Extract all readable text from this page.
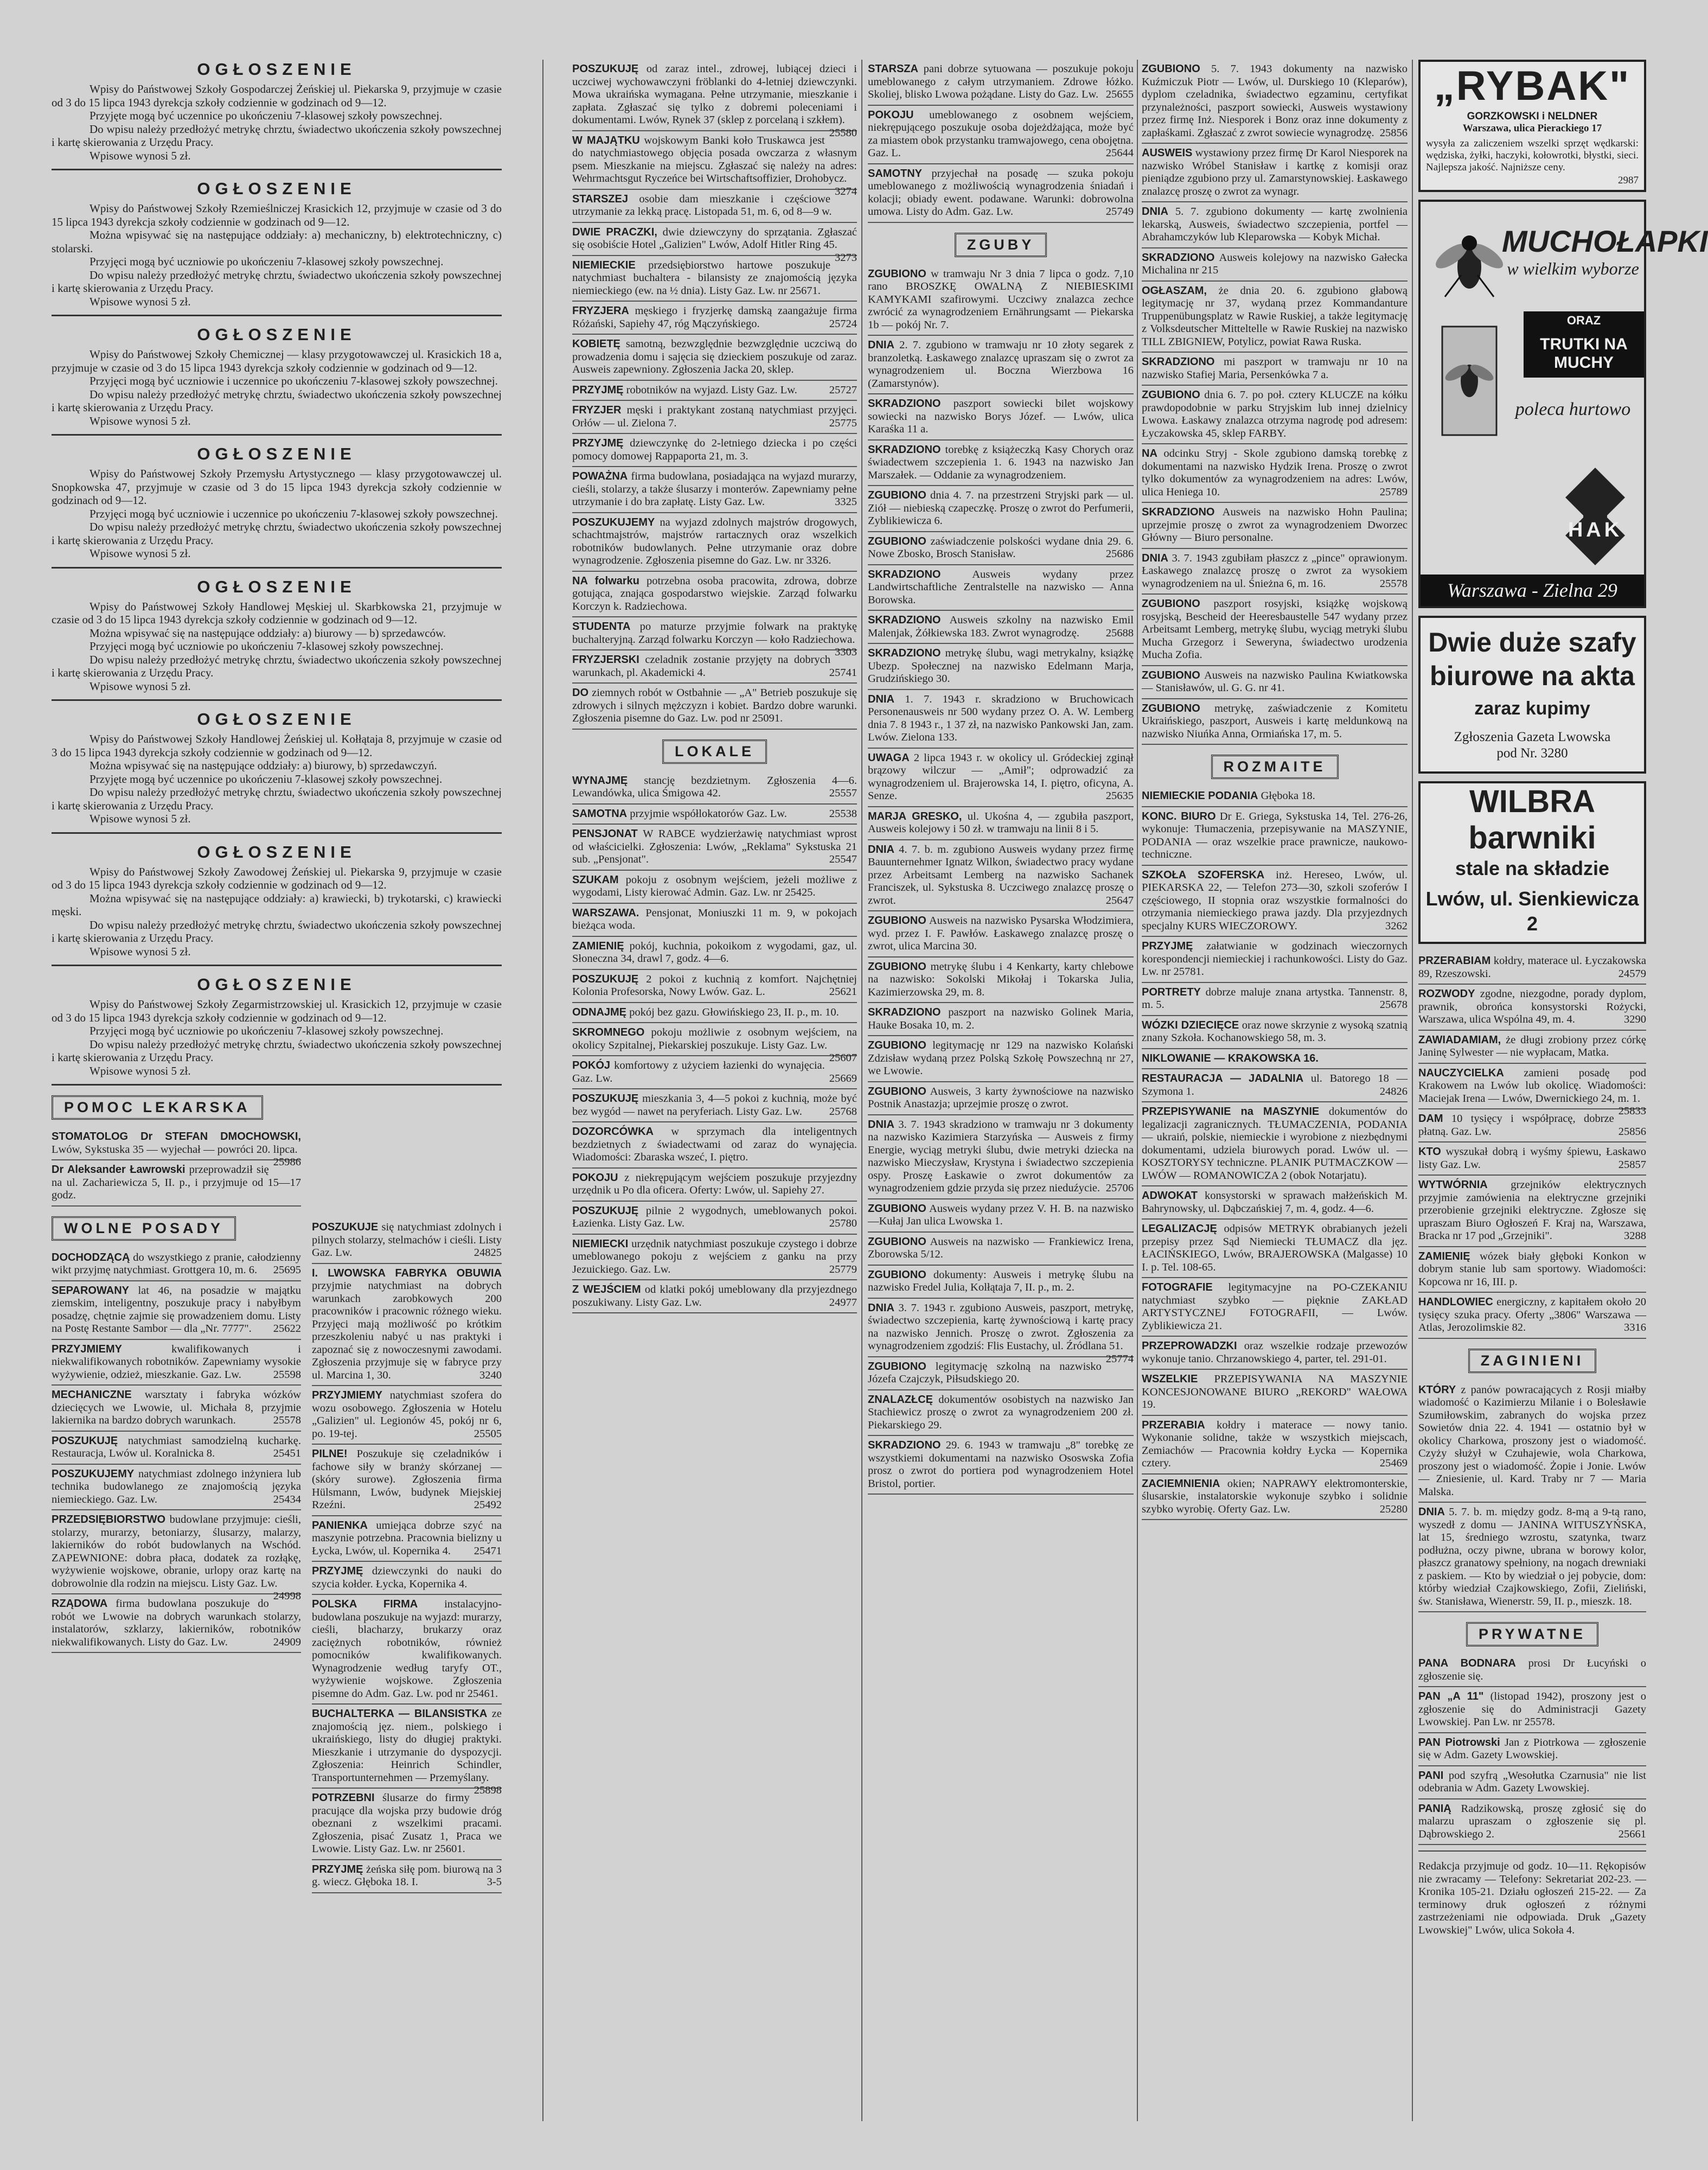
OGŁOSZENIE

Wpisy do Państwowej Szkoły Gospodarczej Żeńskiej ul. Piekarska 9, przyjmuje w czasie od 3 do 15 lipca 1943 dyrekcja szkoły codziennie w godzinach od 9—12.

Przyjęte mogą być uczennice po ukończeniu 7-klasowej szkoły powszechnej.

Do wpisu należy przedłożyć metrykę chrztu, świadectwo ukończenia szkoły powszechnej i kartę skierowania z Urzędu Pracy.

Wpisowe wynosi 5 zł.

OGŁOSZENIE

Wpisy do Państwowej Szkoły Rzemieślniczej Krasickich 12, przyjmuje w czasie od 3 do 15 lipca 1943 dyrekcja szkoły codziennie w godzinach od 9—12.

Można wpisywać się na następujące oddziały: a) mechaniczny, b) elektrotechniczny, c) stolarski.

Przyjęci mogą być uczniowie po ukończeniu 7-klasowej szkoły powszechnej.

Do wpisu należy przedłożyć metrykę chrztu, świadectwo ukończenia szkoły powszechnej i kartę skierowania z Urzędu Pracy.

Wpisowe wynosi 5 zł.

OGŁOSZENIE

Wpisy do Państwowej Szkoły Chemicznej — klasy przygotowawczej ul. Krasickich 18 a, przyjmuje w czasie od 3 do 15 lipca 1943 dyrekcja szkoły codziennie w godzinach od 9—12.

Przyjęci mogą być uczniowie i uczennice po ukończeniu 7-klasowej szkoły powszechnej.

Do wpisu należy przedłożyć metrykę chrztu, świadectwo ukończenia szkoły powszechnej i kartę skierowania z Urzędu Pracy.

Wpisowe wynosi 5 zł.

OGŁOSZENIE

Wpisy do Państwowej Szkoły Przemysłu Artystycznego — klasy przygotowawczej ul. Snopkowska 47, przyjmuje w czasie od 3 do 15 lipca 1943 dyrekcja szkoły codziennie w godzinach od 9—12.

Przyjęci mogą być uczniowie i uczennice po ukończeniu 7-klasowej szkoły powszechnej.

Do wpisu należy przedłożyć metrykę chrztu, świadectwo ukończenia szkoły powszechnej i kartę skierowania z Urzędu Pracy.

Wpisowe wynosi 5 zł.

OGŁOSZENIE

Wpisy do Państwowej Szkoły Handlowej Męskiej ul. Skarbkowska 21, przyjmuje w czasie od 3 do 15 lipca 1943 dyrekcja szkoły codziennie w godzinach od 9—12.

Można wpisywać się na następujące oddziały: a) biurowy — b) sprzedawców.

Przyjęci mogą być uczniowie po ukończeniu 7-klasowej szkoły powszechnej.

Do wpisu należy przedłożyć metrykę chrztu, świadectwo ukończenia szkoły powszechnej i kartę skierowania z Urzędu Pracy.

Wpisowe wynosi 5 zł.

OGŁOSZENIE

Wpisy do Państwowej Szkoły Handlowej Żeńskiej ul. Kołłątaja 8, przyjmuje w czasie od 3 do 15 lipca 1943 dyrekcja szkoły codziennie w godzinach od 9—12.

Można wpisywać się na następujące oddziały: a) biurowy, b) sprzedawczyń.

Przyjęte mogą być uczennice po ukończeniu 7-klasowej szkoły powszechnej.

Do wpisu należy przedłożyć metrykę chrztu, świadectwo ukończenia szkoły powszechnej i kartę skierowania z Urzędu Pracy.

Wpisowe wynosi 5 zł.

OGŁOSZENIE

Wpisy do Państwowej Szkoły Zawodowej Żeńskiej ul. Piekarska 9, przyjmuje w czasie od 3 do 15 lipca 1943 dyrekcja szkoły codziennie w godzinach od 9—12.

Można wpisywać się na następujące oddziały: a) krawiecki, b) trykotarski, c) krawiecki męski.

Do wpisu należy przedłożyć metrykę chrztu, świadectwo ukończenia szkoły powszechnej i kartę skierowania z Urzędu Pracy.

Wpisowe wynosi 5 zł.

OGŁOSZENIE

Wpisy do Państwowej Szkoły Zegarmistrzowskiej ul. Krasickich 12, przyjmuje w czasie od 3 do 15 lipca 1943 dyrekcja szkoły codziennie w godzinach od 9—12.

Przyjęci mogą być uczniowie po ukończeniu 7-klasowej szkoły powszechnej.

Do wpisu należy przedłożyć metrykę chrztu, świadectwo ukończenia szkoły powszechnej i kartę skierowania z Urzędu Pracy.

Wpisowe wynosi 5 zł.

POMOC LEKARSKA

STOMATOLOG Dr STEFAN DMOCHOWSKI, Lwów, Sykstuska 35 — wyjechał — powróci 20. lipca.
25986

Dr Aleksander Ławrowski przeprowadził się na ul. Zachariewicza 5, II. p., i przyjmuje od 15—17 godz.

WOLNE POSADY

DOCHODZĄCĄ do wszystkiego z pranie, całodzienny wikt przyjmę natychmiast. Grottgera 10, m. 6.	25695

SEPAROWANY lat 46, na posadzie w majątku ziemskim, inteligentny, poszukuje pracy i nabyłbym posadzę, chętnie zajmie się prowadzeniem domu. Listy na Postę Restante Sambor — dla „Nr. 7777".	25622

PRZYJMIEMY	kwalifikowanych i niekwalifikowanych robotników. Zapewniamy wysokie wyżywienie, odzież, mieszkanie. Gaz. Lw.	25598

MECHANICZNE warsztaty i fabryka wózków dziecięcych we Lwowie, ul. Michała 8, przyjmie lakiernika na bardzo dobrych warunkach.	25578

POSZUKUJĘ natychmiast samodzielną kucharkę. Restauracja, Lwów ul. Koralnicka 8.	25451

POSZUKUJEMY natychmiast zdolnego inżyniera lub technika budowlanego ze znajomością języka niemieckiego. Gaz. Lw.	25434

PRZEDSIĘBIORSTWO budowlane przyjmuje: cieśli, stolarzy, murarzy, betoniarzy, ślusarzy, malarzy, lakierników do robót budowlanych na Wschód. ZAPEWNIONE: dobra płaca, dodatek za rozłąkę, wyżywienie wojskowe, obranie, urlopy oraz kartę na dobrowolnie dla rodzin na miejscu. Listy Gaz. Lw.
24998

RZĄDOWA firma budowlana poszukuje do robót we Lwowie na dobrych warunkach stolarzy, instalatorów, szklarzy, lakierników, robotników niekwalifikowanych. Listy do Gaz. Lw.	24909

POSZUKUJE się natychmiast zdolnych i pilnych stolarzy, stelmachów i cieśli. Listy Gaz. Lw.	24825

I. LWOWSKA FABRYKA OBUWIA przyjmie natychmiast na dobrych warunkach zarobkowych 200 pracowników i pracownic różnego wieku. Przyjęci mają możliwość po krótkim przeszkoleniu nabyć u nas praktyki i zapoznać się z nowoczesnymi zawodami. Zgłoszenia przyjmuje się w fabryce przy ul. Marcina 1, 30.	3240

PRZYJMIEMY natychmiast szofera do wozu osobowego. Zgłoszenia w Hotelu „Galizien" ul. Legionów 45, pokój nr 6, po. 19-tej.	25505

PILNE! Poszukuje się czeladników i fachowe siły w branży skórzanej — (skóry surowe). Zgłoszenia firma Hülsmann, Lwów, budynek Miejskiej Rzeźni.	25492

PANIENKA umiejąca dobrze szyć na maszynie potrzebna. Pracownia bielizny u Łycka, Lwów, ul. Kopernika 4.	25471

PRZYJMĘ dziewczynki do nauki do szycia kołder. Łycka, Kopernika 4.

POLSKA FIRMA instalacyjno-budowlana poszukuje na wyjazd: murarzy, cieśli, blacharzy, brukarzy oraz zaciężnych robotników, również pomocników kwalifikowanych. Wynagrodzenie według taryfy OT., wyżywienie wojskowe. Zgłoszenia pisemne do Adm. Gaz. Lw. pod nr 25461.

BUCHALTERKA — BILANSISTKA ze znajomością jęz. niem., polskiego i ukraińskiego, listy do długiej praktyki. Mieszkanie i utrzymanie do dyspozycji. Zgłoszenia: Heinrich Schindler, Transportunternehmen — Przemyślany.
25898

POTRZEBNI ślusarze do firmy pracujące dla wojska przy budowie dróg obeznani z wszelkimi pracami. Zgłoszenia, pisać Zusatz 1, Praca we Lwowie. Listy Gaz. Lw. nr 25601.

PRZYJMĘ żeńska siłę pom. biurową na 3 g. wiecz. Głęboka 18. I.	3-5

POSZUKUJĘ od zaraz intel., zdrowej, lubiącej dzieci i uczciwej wychowawczyni fröblanki do 4-letniej dziewczynki. Mowa ukraińska wymagana. Pełne utrzymanie, mieszkanie i zapłata. Zgłaszać się tylko z dobremi poleceniami i dokumentami. Lwów, Rynek 37 (sklep z porcelaną i szkłem).
25580

W MAJĄTKU wojskowym Banki koło Truskawca jest do natychmiastowego objęcia posada owczarza z własnym psem. Mieszkanie na miejscu. Zgłaszać się należy na adres: Wehrmachtsgut Ryczeńce bei Wirtschaftsoffizier, Drohobycz.
3274

STARSZEJ osobie dam mieszkanie i częściowe utrzymanie za lekką pracę. Listopada 51, m. 6, od 8—9 w.

DWIE PRACZKI, dwie dziewczyny do sprzątania. Zgłaszać się osobiście Hotel „Galizien" Lwów, Adolf Hitler Ring 45.
3273

NIEMIECKIE przedsiębiorstwo hartowe poszukuje natychmiast buchaltera - bilansisty ze znajomością języka niemieckiego (ew. na ½ dnia). Listy Gaz. Lw. nr 25671.

FRYZJERA męskiego i fryzjerkę damską zaangażuje firma Różański, Sapiehy 47, róg Mączyńskiego.	25724

KOBIETĘ samotną, bezwzględnie bezwzględnie uczciwą do prowadzenia domu i sajęcia się dzieckiem poszukuje od zaraz. Ausweis zapewniony. Zgłoszenia Jacka 20, sklep.

PRZYJMĘ robotników na wyjazd. Listy Gaz. Lw.	25727

FRYZJER męski i praktykant zostaną natychmiast przyjęci. Orłów — ul. Zielona 7.	25775

PRZYJMĘ dziewczynkę do 2-letniego dziecka i po części pomocy domowej Rappaporta 21, m. 3.

POWAŻNA firma budowlana, posiadająca na wyjazd murarzy, cieśli, stolarzy, a także ślusarzy i monterów. Zapewniamy pełne utrzymanie i do bra zapłatę. Listy Gaz. Lw.	3325

POSZUKUJEMY na wyjazd zdolnych majstrów drogowych, schachtmajstrów, majstrów rartacznych oraz wszelkich robotników budowlanych. Pełne utrzymanie oraz dobre wynagrodzenie. Zgłoszenia pisemne do Gaz. Lw. nr 3326.

NA folwarku potrzebna osoba pracowita, zdrowa, dobrze gotująca, znająca gospodarstwo wiejskie. Zarząd folwarku Korczyn k. Radziechowa.

STUDENTA po maturze przyjmie folwark na praktykę buchalteryjną. Zarząd folwarku Korczyn — koło Radziechowa.
3303

FRYZJERSKI czeladnik zostanie przyjęty na dobrych warunkach, pl. Akademicki 4.	25741

DO ziemnych robót w Ostbahnie — „A" Betrieb poszukuje się zdrowych i silnych mężczyzn i kobiet. Bardzo dobre warunki. Zgłoszenia pisemne do Gaz. Lw. pod nr 25091.

LOKALE

WYNAJMĘ stancję bezdzietnym. Zgłoszenia 4—6. Lewandówka, ulica Śmigowa 42.	25557

SAMOTNA przyjmie współlokatorów Gaz. Lw.	25538

PENSJONAT W RABCE wydzierżawię natychmiast wprost od właścicielki. Zgłoszenia: Lwów, „Reklama" Sykstuska 21 sub. „Pensjonat".	25547

SZUKAM pokoju z osobnym wejściem, jeżeli możliwe z wygodami, Listy kierować Admin. Gaz. Lw. nr 25425.

WARSZAWA. Pensjonat, Moniuszki 11 m. 9, w pokojach bieżąca woda.

ZAMIENIĘ pokój, kuchnia, pokoikom z wygodami, gaz, ul. Słoneczna 34, drawl 7, godz. 4—6.

POSZUKUJĘ 2 pokoi z kuchnią z komfort. Najchętniej Kolonia Profesorska, Nowy Lwów. Gaz. L.	25621

ODNAJMĘ pokój bez gazu. Głowińskiego 23, II. p., m. 10.

SKROMNEGO pokoju możliwie z osobnym wejściem, na okolicy Szpitalnej, Piekarskiej poszukuje. Listy Gaz. Lw.
25607

POKÓJ komfortowy z użyciem łazienki do wynajęcia. Gaz. Lw.	25669

POSZUKUJĘ mieszkania 3, 4—5 pokoi z kuchnią, może być bez wygód — nawet na peryferiach. Listy Gaz. Lw.	25768

DOZORCÓWKA w sprzymach dla inteligentnych bezdzietnych z świadectwami od zaraz do wynajęcia. Wiadomości: Zbaraska wszeć, I. piętro.

POKOJU z niekrępującym wejściem poszukuje przyjezdny urzędnik u Po dla oficera. Oferty: Lwów, ul. Sapiehy 27.

POSZUKUJĘ pilnie 2 wygodnych, umeblowanych pokoi. Łazienka. Listy Gaz. Lw.	25780

NIEMIECKI urzędnik natychmiast poszukuje czystego i dobrze umeblowanego pokoju z wejściem z ganku na przy Jezuickiego. Gaz. Lw.	25779

Z WEJŚCIEM od klatki pokój umeblowany dla przyjezdnego poszukiwany. Listy Gaz. Lw.	24977

STARSZA pani dobrze sytuowana — poszukuje pokoju umeblowanego z całym utrzymaniem. Zdrowe łóżko. Skoliej, blisko Lwowa pożądane. Listy do Gaz. Lw. 25655

POKOJU umeblowanego z osobnem wejściem, niekrępującego poszukuje osoba dojeżdżająca, może być za miastem obok przystanku tramwajowego, cena obojętna. Gaz. L.	25644

SAMOTNY przyjechał na posadę — szuka pokoju umeblowanego z możliwością wynagrodzenia śniadań i kolacji; obiady ewent. podawane. Warunki: dobrowolna umowa. Listy do Adm. Gaz. Lw.	25749

ZGUBY

ZGUBIONO w tramwaju Nr 3 dnia 7 lipca o godz. 7,10 rano BROSZKĘ OWALNĄ Z NIEBIESKIMI KAMYKAMI szafirowymi. Uczciwy znalazca zechce zwrócić za wynagrodzeniem Ernährungsamt — Piekarska 1b — pokój Nr. 7.

DNIA 2. 7. zgubiono w tramwaju nr 10 złoty segarek z branzoletką. Łaskawego znalazcę upraszam się o zwrot za wynagrodzeniem ul. Boczna Wierzbowa 16 (Zamarstynów).

SKRADZIONO paszport sowiecki bilet wojskowy sowiecki na nazwisko Borys Józef. — Lwów, ulica Karaśka 11 a.

SKRADZIONO torebkę z książeczką Kasy Chorych oraz świadectwem szczepienia 1. 6. 1943 na nazwisko Jan Marszałek. — Oddanie za wynagrodzeniem.

ZGUBIONO dnia 4. 7. na przestrzeni Stryjski park — ul. Ziół — niebieską czapeczkę. Proszę o zwrot do Perfumerii, Zyblikiewicza 6.

ZGUBIONO zaświadczenie polskości wydane dnia 29. 6. Nowe Zbosko, Brosch Stanisław.	25686

SKRADZIONO	Ausweis wydany przez Landwirtschaftliche Zentralstelle na nazwisko — Anna Borowska.

SKRADZIONO Ausweis szkolny na nazwisko Emil Malenjak, Żółkiewska 183. Zwrot wynagrodzę.	25688

SKRADZIONO metrykę ślubu, wagi metrykalny, książkę Ubezp. Społecznej na nazwisko Edelmann Marja, Grudzińskiego 30.

DNIA 1. 7. 1943 r. skradziono w Bruchowicach Personenausweis nr 500 wydany przez O. A. W. Lemberg dnia 7. 8 1943 r., 1 37 zł, na nazwisko Pankowski Jan, zam. Lwów. Zielona 133.

UWAGA 2 lipca 1943 r. w okolicy ul. Gródeckiej zginął brązowy wilczur — „Amił"; odprowadzić za wynagrodzeniem ul. Brajerowska 14, I. piętro, oficyna, A. Senze.	25635

MARJA GRESKO, ul. Ukośna 4, — zgubiła paszport, Ausweis kolejowy i 50 zł. w tramwaju na linii 8 i 5.

DNIA 4. 7. b. m. zgubiono Ausweis wydany przez firmę Bauunternehmer Ignatz Wilkon, świadectwo pracy wydane przez Arbeitsamt Lemberg na nazwisko Sachanek Franciszek, ul. Sykstuska 8. Uczciwego znalazcę proszę o zwrot.	25647

ZGUBIONO Ausweis na nazwisko Pysarska Włodzimiera, wyd. przez I. F. Pawłów. Łaskawego znalazcę proszę o zwrot, ulica Marcina 30.

ZGUBIONO metrykę ślubu i 4 Kenkarty, karty chlebowe na nazwisko: Sokolski Mikołaj i Tokarska Julia, Kazimierzowska 29, m. 8.

SKRADZIONO paszport na nazwisko Golinek Maria, Hauke Bosaka 10, m. 2.

ZGUBIONO legitymację nr 129 na nazwisko Kolański Zdzisław wydaną przez Polską Szkołę Powszechną nr 27, we Lwowie.

ZGUBIONO Ausweis, 3 karty żywnościowe na nazwisko Postnik Anastazja; uprzejmie proszę o zwrot.

DNIA 3. 7. 1943 skradziono w tramwaju nr 3 dokumenty na nazwisko Kazimiera Starzyńska — Ausweis z firmy Energie, wyciąg metryki ślubu, dwie metryki dziecka na nazwisko Mieczysław, Krystyna i świadectwo szczepienia ospy. Proszę Łaskawie o zwrot dokumentów za wynagrodzeniem gdzie przyda się przez nieduźycie. 25706

ZGUBIONO Ausweis wydany przez V. H. B. na nazwisko —Kułaj Jan ulica Lwowska 1.

ZGUBIONO Ausweis na nazwisko — Frankiewicz Irena, Zborowska 5/12.

ZGUBIONO dokumenty: Ausweis i metrykę ślubu na nazwisko Fredel Julia, Kolłątaja 7, II. p., m. 2.

DNIA 3. 7. 1943 r. zgubiono Ausweis, paszport, metrykę, świadectwo szczepienia, kartę żywnościową i kartę pracy na nazwisko Jennich. Proszę o zwrot. Zgłoszenia za wynagrodzeniem zgodziś: Flis Eustachy, ul. Źródlana 51.
25774

ZGUBIONO legitymację szkolną na nazwisko Józefa Czajczyk, Piłsudskiego 20.

ZNALAZŁCĘ dokumentów osobistych na nazwisko Jan Stachiewicz proszę o zwrot za wynagrodzeniem 200 zł. Piekarskiego 29.

SKRADZIONO 29. 6. 1943 w tramwaju „8" torebkę ze wszystkiemi dokumentami na nazwisko Ososwska Zofia prosz o zwrot do portiera pod wynagrodzeniem Hotel Bristol, portier.

ZGUBIONO 5. 7. 1943 dokumenty na nazwisko Kuźmiczuk Piotr — Lwów, ul. Durskiego 10 (Kleparów), dyplom czeladnika, świadectwo egzaminu, certyfikat przynależności, paszport sowiecki, Ausweis wystawiony przez firmę Inż. Niesporek i Bonz oraz inne dokumenty z zapłaśkami. Zgłaszać z zwrot sowiecie wynagrodzę. 25856

AUSWEIS wystawiony przez firmę Dr Karol Niesporek na nazwisko Wróbel Stanisław i kartkę z komisji oraz pieniądze zgubiono przy ul. Zamarstynowskiej. Łaskawego znalazcę proszę o zwrot za wynagr.

DNIA 5. 7. zgubiono dokumenty — kartę zwolnienia lekarską, Ausweis, świadectwo szczepienia, portfel — Abrahamczyków lub Kleparowska — Kobyk Michał.

SKRADZIONO Ausweis kolejowy na nazwisko Gałecka Michalina nr 215

OGŁASZAM, że dnia 20. 6. zgubiono głabową legitymację nr 37, wydaną przez Kommandanture Truppenübungsplatz w Rawie Ruskiej, a także legitymację z Volksdeutscher Mitteltelle w Rawie Ruskiej na nazwisko TILL ZBIGNIEW, Potylicz, powiat Rawa Ruska.

SKRADZIONO mi paszport w tramwaju nr 10 na nazwisko Stafiej Maria, Persenkówka 7 a.

ZGUBIONO dnia 6. 7. po poł. cztery KLUCZE na kółku prawdopodobnie w parku Stryjskim lub innej dzielnicy Lwowa. Łaskawy znalazca otrzyma nagrodę pod adresem: Łyczakowska 45, sklep FARBY.

NA odcinku Stryj - Skole zgubiono damską torebkę z dokumentami na nazwisko Hydzik Irena. Proszę o zwrot tylko dokumentów za wynagrodzeniem na adres: Lwów, ulica Heniega 10.	25789

SKRADZIONO Ausweis na nazwisko Hohn Paulina; uprzejmie proszę o zwrot za wynagrodzeniem Dworzec Główny — Biuro personalne.

DNIA 3. 7. 1943 zgubiłam płaszcz z „pince" oprawionym. Łaskawego znalazcę proszę o zwrot za wysokiem wynagrodzeniem na ul. Śnieżna 6, m. 16.	25578

ZGUBIONO paszport rosyjski, książkę wojskową rosyjską, Bescheid der Heeresbaustelle 547 wydany przez Arbeitsamt Lemberg, metrykę ślubu, wyciąg metryki ślubu Mucha Grzegorz i Seweryna, świadectwo urodzenia Mucha Zofia.

ZGUBIONO Ausweis na nazwisko Paulina Kwiatkowska — Stanisławów, ul. G. G. nr 41.

ZGUBIONO metrykę, zaświadczenie z Komitetu Ukraińskiego, paszport, Ausweis i kartę meldunkową na nazwisko Niuńka Anna, Ormiańska 17, m. 5.

ROZMAITE

NIEMIECKIE PODANIA Głęboka 18.

KONC. BIURO Dr E. Griega, Sykstuska 14, Tel. 276-26, wykonuje: Tłumaczenia, przepisywanie na MASZYNIE, PODANIA — oraz wszelkie prace prawnicze, naukowo-techniczne.

SZKOŁA SZOFERSKA inż. Hereseo, Lwów, ul. PIEKARSKA 22, — Telefon 273—30, szkoli szoferów I częściowego, II stopnia oraz wszystkie formalności do otrzymania niemieckiego prawa jazdy. Dla przyjezdnych specjalny KURS WIECZOROWY.	3262

PRZYJMĘ załatwianie w godzinach wieczornych korespondencji niemieckiej i rachunkowości. Listy do Gaz. Lw. nr 25781.

PORTRETY dobrze maluje znana artystka. Tannenstr. 8, m. 5.	25678

WÓZKI DZIECIĘCE oraz nowe skrzynie z wysoką szatnią znany Szkoła. Kochanowskiego 58, m. 3.

NIKLOWANIE — KRAKOWSKA 16.

RESTAURACJA — JADALNIA ul. Batorego 18 — Szymona 1.	24826

PRZEPISYWANIE na MASZYNIE dokumentów do legalizacji zagranicznych. TŁUMACZENIA, PODANIA — ukraiń, polskie, niemieckie i wyrobione z niezbędnymi dokumentami, udziela biurowych porad. Lwów ul. — KOSZTORYSY techniczne. PLANIK PUTMACZKOW — LWÓW — ROMANOWICZA 2 (obok Notarjatu).

ADWOKAT konsystorski w sprawach małżeńskich M. Bahrynowsky, ul. Dąbczańskiej 7, m. 4, godz. 4—6.

LEGALIZACJĘ odpisów METRYK obrabianych jeżeli przepisy przez Sąd Niemiecki TŁUMACZ dla jęz. ŁACIŃSKIEGO, Lwów, BRAJEROWSKA (Malgasse) 10 I. p. Tel. 108-65.

FOTOGRAFIE legitymacyjne na PO-CZEKANIU natychmiast szybko — pięknie ZAKŁAD ARTYSTYCZNEJ FOTOGRAFII, — Lwów. Zyblikiewicza 21.

PRZEPROWADZKI oraz wszelkie rodzaje przewozów wykonuje tanio. Chrzanowskiego 4, parter, tel. 291-01.

WSZELKIE PRZEPISYWANIA NA MASZYNIE KONCESJONOWANE BIURO „REKORD" WAŁOWA 19.

PRZERABIA kołdry i materace — nowy tanio. Wykonanie solidne, także w wszystkich miejscach, Zemiachów — Pracownia kołdry Łycka — Kopernika cztery.	25469

ZACIEMNIENIA okien; NAPRAWY elektromonterskie, ślusarskie, instalatorskie wykonuje szybko i solidnie szybko wyrobię. Oferty Gaz. Lw.	25280

„RYBAK"
GORZKOWSKI i NELDNER
Warszawa, ulica Pierackiego 17
wysyła za zaliczeniem wszelki sprzęt wędkarski: wędziska, żyłki, haczyki, kołowrotki, błystki, sieci. Najlepsza jakość. Najniższe ceny.
2987
MUCHOŁAPKI
w wielkim wyborze
ORAZ
TRUTKI NA MUCHY
poleca hurtowo
HAK
Warszawa - Zielna 29
Dwie duże szafy
biurowe na akta
zaraz kupimy
Zgłoszenia Gazeta Lwowska
pod Nr. 3280
WILBRA barwniki
stale na składzie
Lwów, ul. Sienkiewicza 2

PRZERABIAM kołdry, materace ul. Łyczakowska 89, Rzeszowski.	24579

ROZWODY zgodne, niezgodne, porady dyplom, prawnik, obrońca konsystorski Rożycki, Warszawa, ulica Wspólna 49, m. 4.	3290

ZAWIADAMIAM, że długi zrobiony przez córkę Janinę Sylwester — nie wypłacam, Matka.

NAUCZYCIELKA zamieni posadę pod Krakowem na Lwów lub okolicę. Wiadomości: Maciejak Irena — Lwów, Dwernickiego 24, m. 1.
25833

DAM 10 tysięcy i współpracę, dobrze płatną. Gaz. Lw.	25856

KTO wyszukał dobrą i wyśmy śpiewu, Łaskawo listy Gaz. Lw.	25857

WYTWÓRNIA grzejników elektrycznych przyjmie zamówienia na elektryczne grzejniki przerobienie grzejniki elektryczne. Zgłosze się upraszam Biuro Ogłoszeń F. Kraj na, Warszawa, Bracka nr 17 pod „Grzejniki".	3288

ZAMIENIĘ wózek biały głęboki Konkon w dobrym stanie lub sam sportowy. Wiadomości: Kopcowa nr 16, III. p.

HANDLOWIEC energiczny, z kapitałem około 20 tysięcy szuka pracy. Oferty „3806" Warszawa — Atlas, Jerozolimskie 82.	3316

ZAGINIENI

KTÓRY z panów powracających z Rosji miałby wiadomość o Kazimierzu Milanie i o Bolesławie Szumiłowskim, zabranych do wojska przez Sowietów dnia 22. 4. 1941 — ostatnio był w okolicy Charkowa, proszony jest o wiadomość. Czyży służył w Czuhajewie, wola Charkowa, proszony jest o wiadomość. Żopie i Jonie. Lwów — Zniesienie, ul. Kard. Traby nr 7 — Maria Malska.

DNIA 5. 7. b. m. między godz. 8-mą a 9-tą rano, wyszedł z domu — JANINA WITUSZYŃSKA, lat 15, średniego wzrostu, szatynka, twarz podłużna, oczy piwne, ubrana w borowy kolor, płaszcz granatowy spełniony, na nogach drewniaki z paskiem. — Kto by wiedział o jej pobycie, dom: którby wiedział Czajkowskiego, Zofii, Zieliński, św. Stanisława, Wienerstr. 59, II. p., mieszk. 18.

PRYWATNE

PANA BODNARA prosi Dr Łucyński o zgłoszenie się.

PAN „A 11" (listopad 1942), proszony jest o zgłoszenie się do Administracji Gazety Lwowskiej. Pan Lw. nr 25578.

PAN Piotrowski Jan z Piotrkowa — zgłoszenie się w Adm. Gazety Lwowskiej.

PANI pod szyfrą „Wesołutka Czarnusia" nie list odebrania w Adm. Gazety Lwowskiej.

PANIĄ Radzikowską, proszę zgłosić się do malarzu upraszam o zgłoszenie się pl. Dąbrowskiego 2.	25661

Redakcja przyjmuje od godz. 10—11. Rękopisów nie zwracamy — Telefony: Sekretariat 202-23. — Kronika 105-21. Działu ogłoszeń 215-22. — Za terminowy druk ogłoszeń z różnymi zastrzeżeniami nie odpowiada. Druk „Gazety Lwowskiej" Lwów, ulica Sokoła 4.
